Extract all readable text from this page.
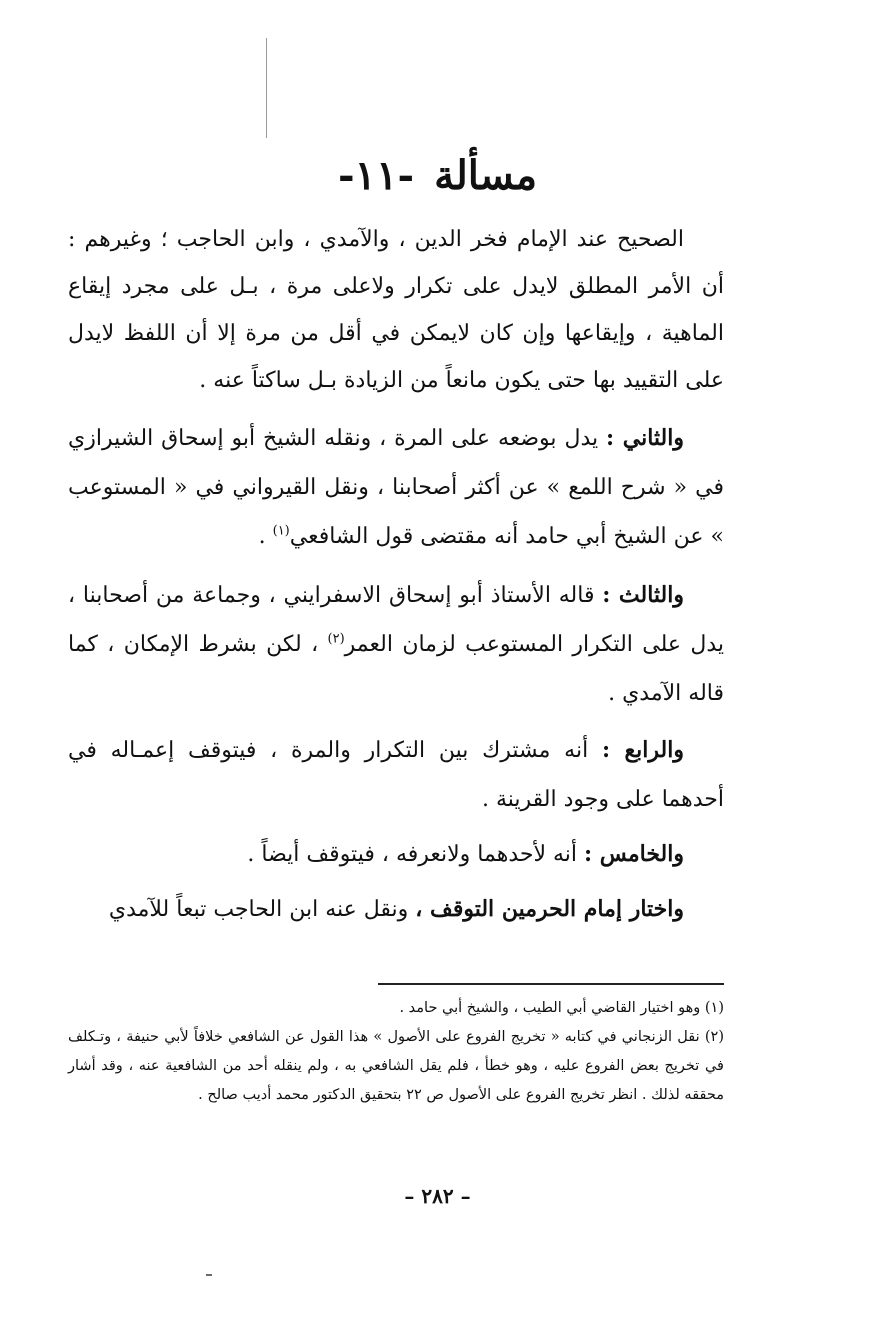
مسألة-١١-

الصحيح عند الإمام فخر الدين ، والآمدي ، وابن الحاجب ؛ وغيرهم : أن الأمر المطلق لايدل على تكرار ولاعلى مرة ، بـل على مجرد إيقاع الماهية ، وإيقاعها وإن كان لايمكن في أقل من مرة إلا أن اللفظ لايدل على التقييد بها حتى يكون مانعاً من الزيادة بـل ساكتاً عنه .

والثاني : يدل بوضعه على المرة ، ونقله الشيخ أبو إسحاق الشيرازي في « شرح اللمع » عن أكثر أصحابنا ، ونقل القيرواني في « المستوعب » عن الشيخ أبي حامد أنه مقتضى قول الشافعي$^{(١)}$ .

والثالث : قاله الأستاذ أبو إسحاق الاسفرايني ، وجماعة من أصحابنا ، يدل على التكرار المستوعب لزمان العمر$^{(٢)}$ ، لكن بشرط الإمكان ، كما قاله الآمدي .

والرابع : أنه مشترك بين التكرار والمرة ، فيتوقف إعمـاله في أحدهما على وجود القرينة .

والخامس : أنه لأحدهما ولانعرفه ، فيتوقف أيضاً .

واختار إمام الحرمين التوقف ، ونقل عنه ابن الحاجب تبعاً للآمدي

(١) وهو اختيار القاضي أبي الطيب ، والشيخ أبي حامد .

(٢) نقل الزنجاني في كتابه « تخريج الفروع على الأصول » هذا القول عن الشافعي خلافاً لأبي حنيفة ، وتـكلف في تخريج بعض الفروع عليه ، وهو خطأ ، فلم يقل الشافعي به ، ولم ينقله أحد من الشافعية عنه ، وقد أشار محققه لذلك . انظر تخريج الفروع على الأصول ص ٢٢ بتحقيق الدكتور محمد أديب صالح .

– ٢٨٢ –
